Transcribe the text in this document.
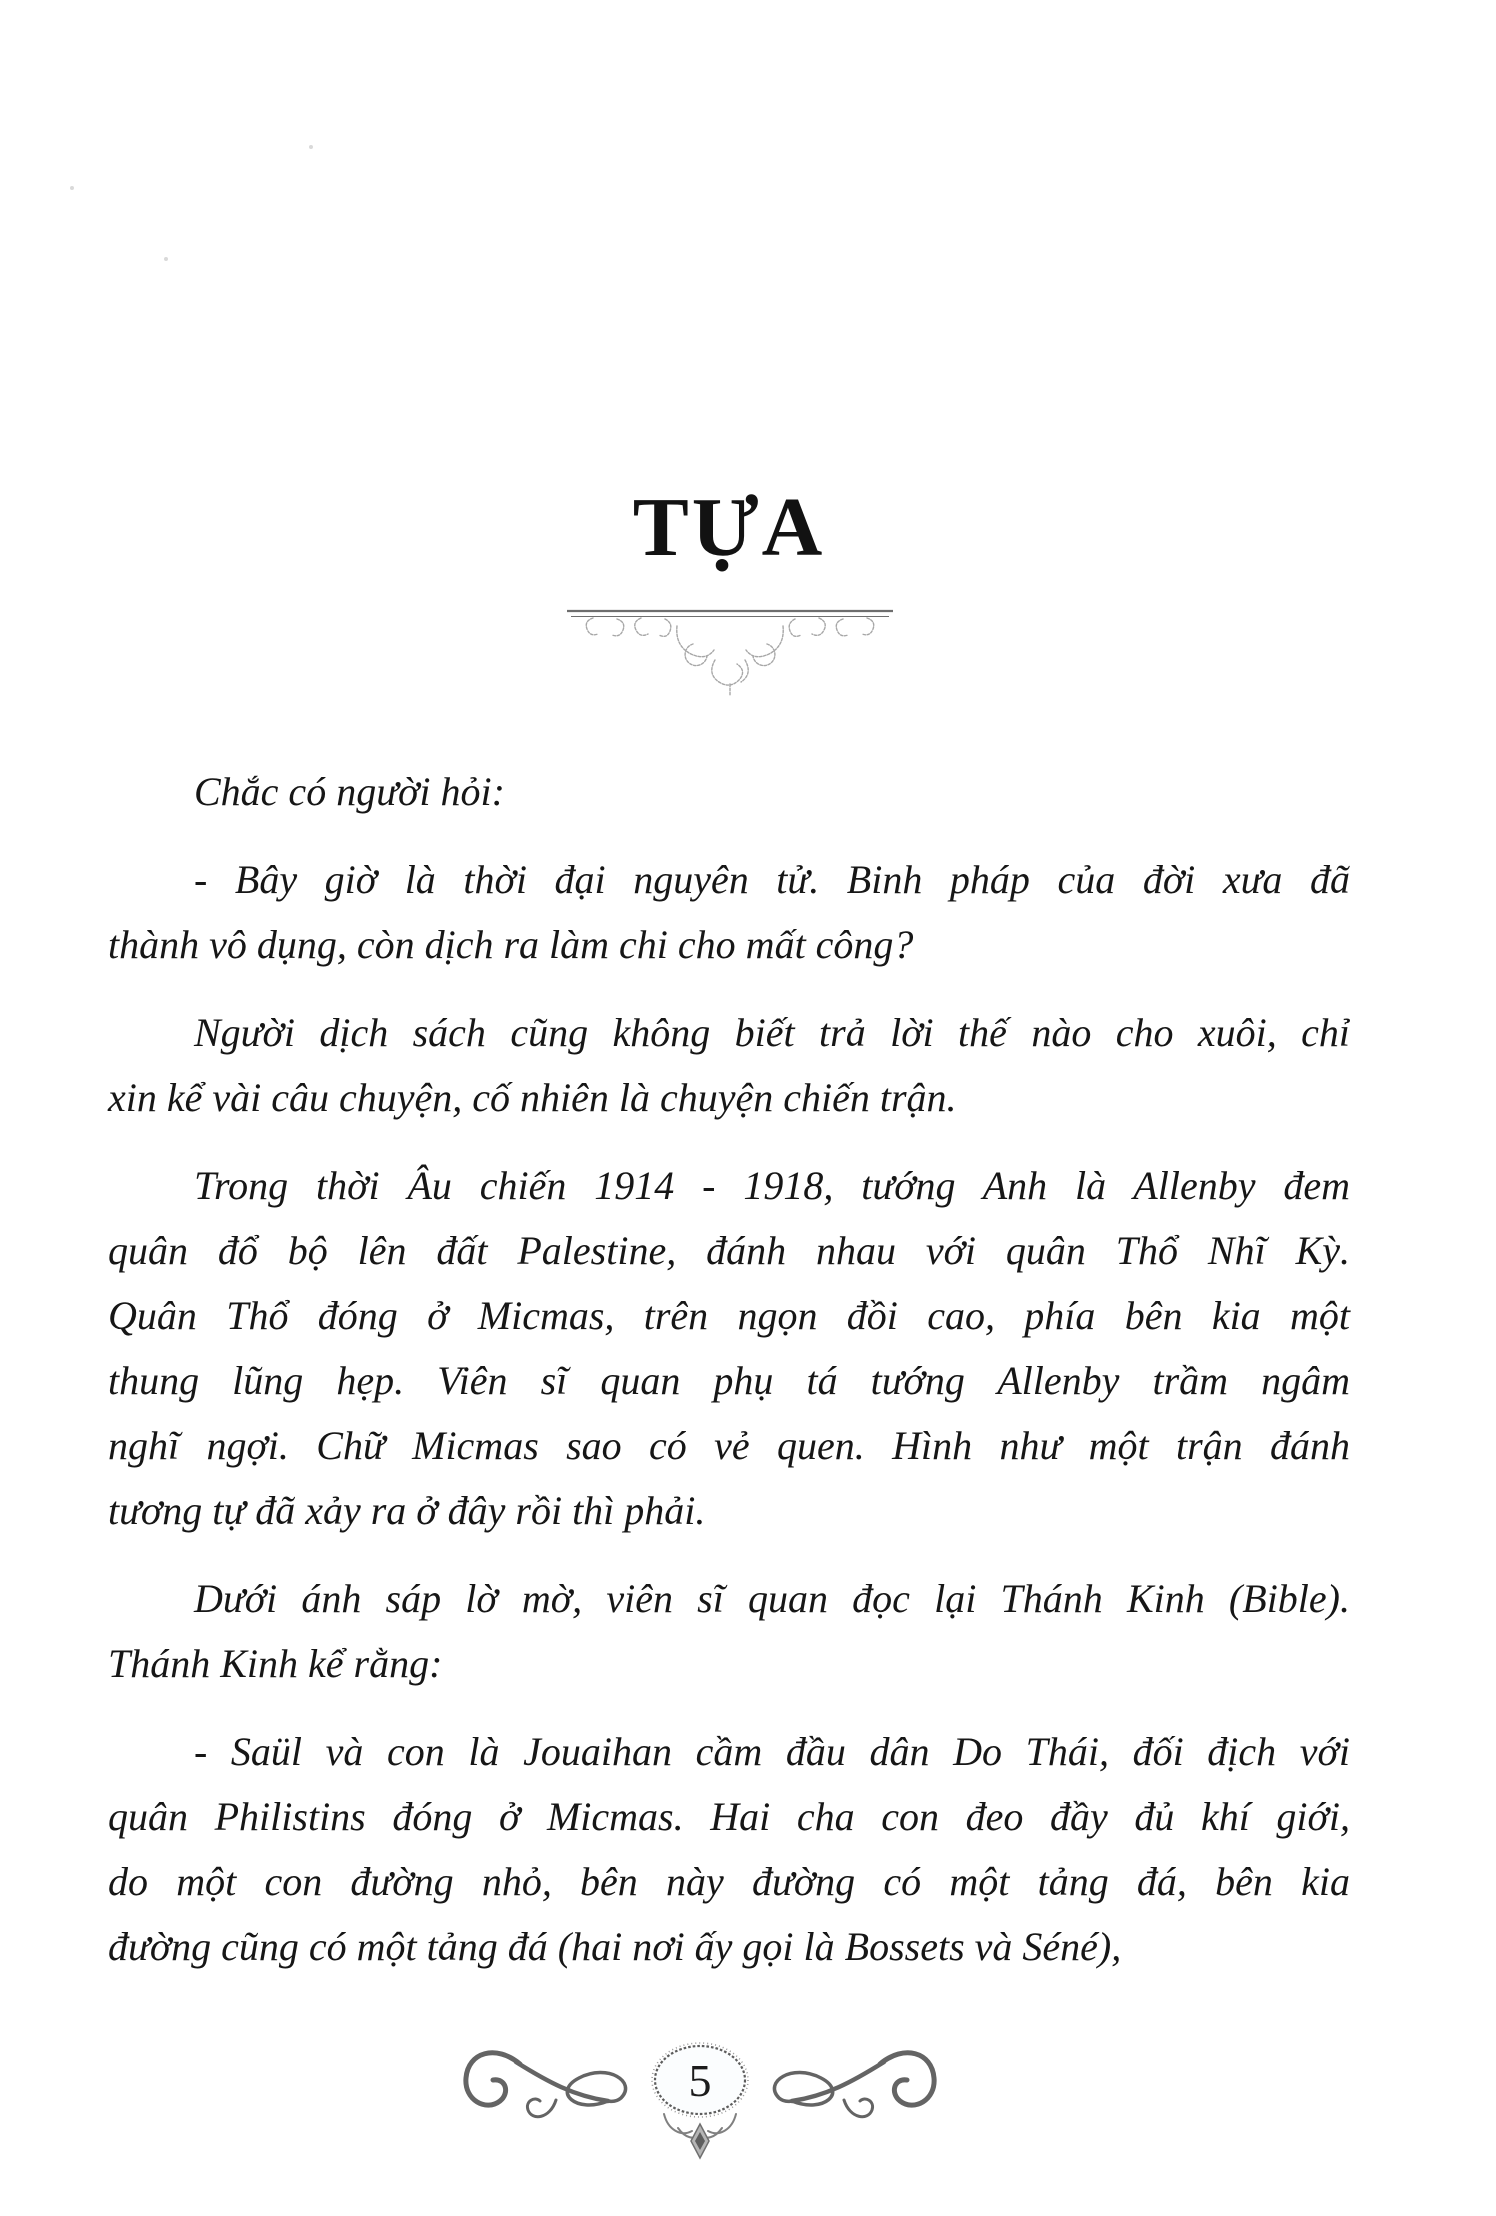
TỰA
Chắc có người hỏi:
- Bây giờ là thời đại nguyên tử. Binh pháp của đời xưa đã
thành vô dụng, còn dịch ra làm chi cho mất công?
Người dịch sách cũng không biết trả lời thế nào cho xuôi, chỉ
xin kể vài câu chuyện, cố nhiên là chuyện chiến trận.
Trong thời Âu chiến 1914 - 1918, tướng Anh là Allenby đem
quân đổ bộ lên đất Palestine, đánh nhau với quân Thổ Nhĩ Kỳ.
Quân Thổ đóng ở Micmas, trên ngọn đồi cao, phía bên kia một
thung lũng hẹp. Viên sĩ quan phụ tá tướng Allenby trầm ngâm
nghĩ ngợi. Chữ Micmas sao có vẻ quen. Hình như một trận đánh
tương tự đã xảy ra ở đây rồi thì phải.
Dưới ánh sáp lờ mờ, viên sĩ quan đọc lại Thánh Kinh (Bible).
Thánh Kinh kể rằng:
- Saül và con là Jouaihan cầm đầu dân Do Thái, đối địch với
quân Philistins đóng ở Micmas. Hai cha con đeo đầy đủ khí giới,
do một con đường nhỏ, bên này đường có một tảng đá, bên kia
đường cũng có một tảng đá (hai nơi ấy gọi là Bossets và Séné),
5
